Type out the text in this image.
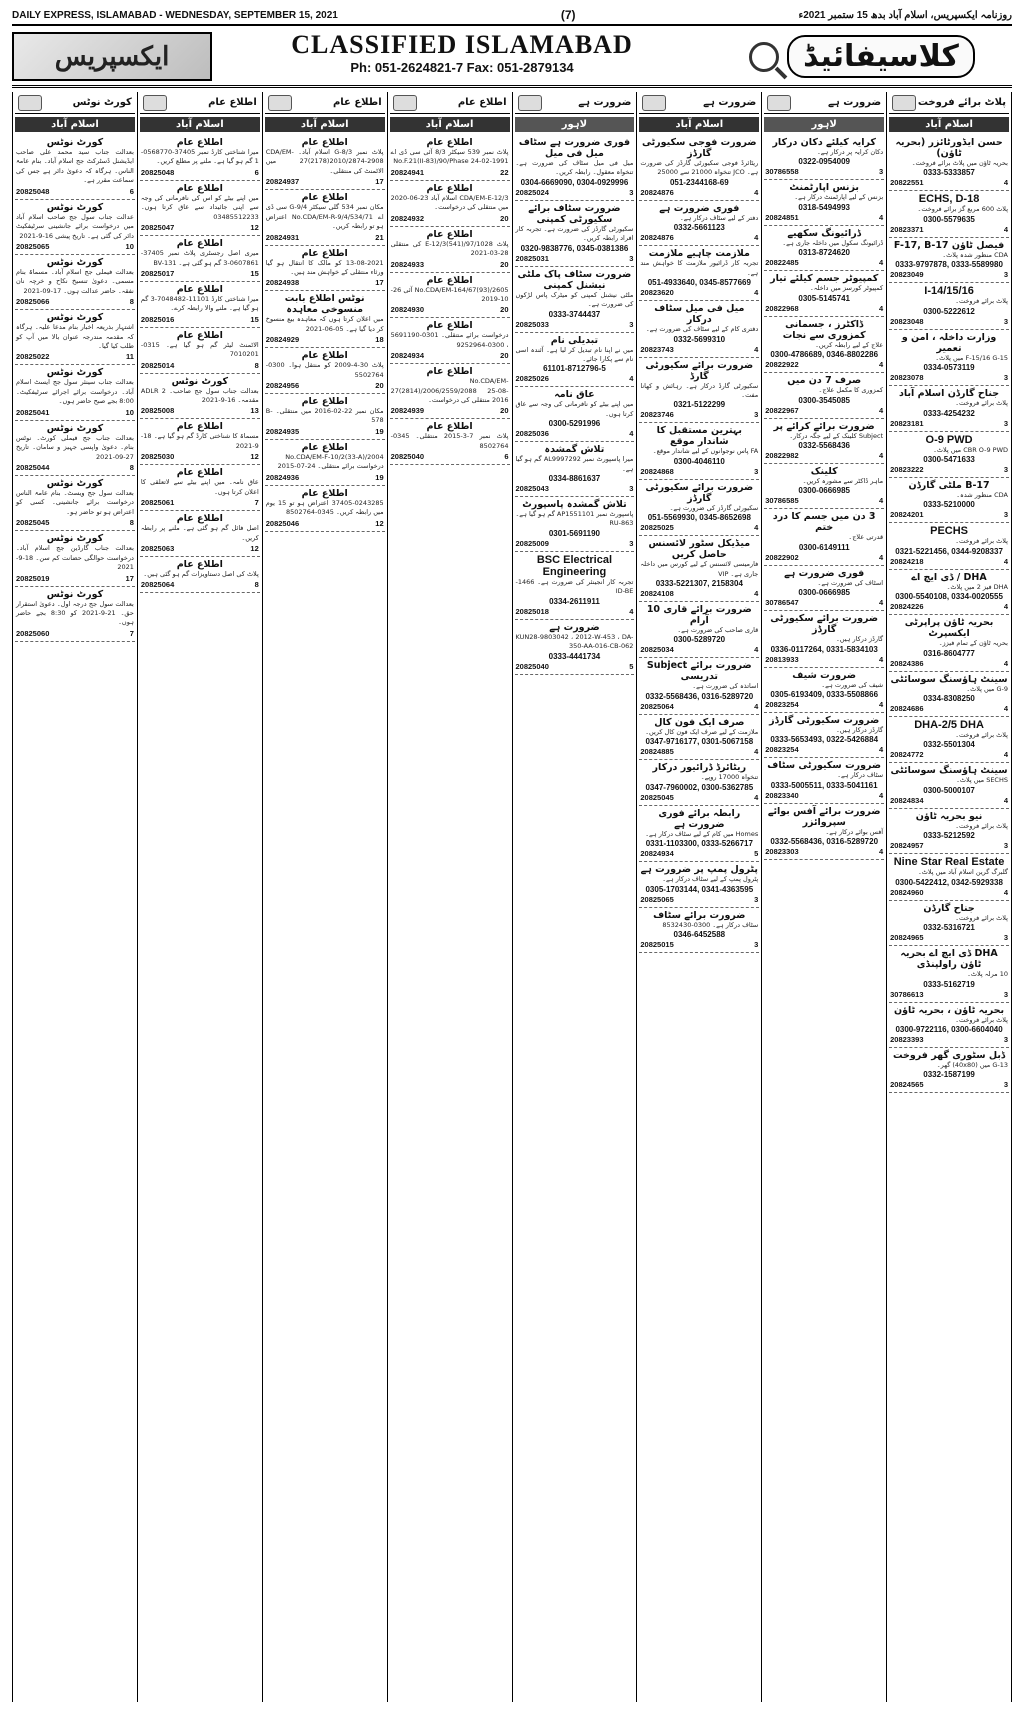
DAILY EXPRESS, ISLAMABAD - WEDNESDAY, SEPTEMBER 15, 2021	(7)	روزنامہ ایکسپریس، اسلام آباد بدھ 15 ستمبر 2021ء
ایکسپریس	CLASSIFIED ISLAMABAD
Ph: 051-2624821-7 Fax: 051-2879134	کلاسیفائیڈ
کورٹ نوٹس
اسلام آباد
کورٹ نوٹس
بعدالت جناب سید محمد علی صاحب ایڈیشنل ڈسٹرکٹ جج اسلام آباد۔ بنام عامۃ الناس۔ ہرگاہ کہ دعویٰ دائر ہے جس کی سماعت مقرر ہے۔
20825048	6
کورٹ نوٹس
عدالت جناب سول جج صاحب اسلام آباد میں درخواست برائے جانشینی سرٹیفکیٹ دائر کی گئی ہے۔ تاریخ پیشی 16-9-2021
20825065	10
کورٹ نوٹس
بعدالت فیملی جج اسلام آباد۔ مسماۃ بنام مسمی۔ دعویٰ تنسیخ نکاح و خرچہ نان نفقہ۔ حاضر عدالت ہوں۔ 17-09-2021
20825066	8
کورٹ نوٹس
اشتہار بذریعہ اخبار بنام مدعا علیہ۔ ہرگاہ کہ مقدمہ مندرجہ عنوان بالا میں آپ کو طلب کیا گیا۔
20825022	11
کورٹ نوٹس
بعدالت جناب سینئر سول جج ایسٹ اسلام آباد۔ درخواست برائے اجرائے سرٹیفکیٹ۔ 8:00 بجے صبح حاضر ہوں۔
20825041	10
کورٹ نوٹس
بعدالت جناب جج فیملی کورٹ۔ نوٹس بنام۔ دعویٰ واپسی جہیز و سامان۔ تاریخ 27-09-2021
20825044	8
کورٹ نوٹس
بعدالت سول جج ویسٹ۔ بنام عامۃ الناس درخواست برائے جانشینی۔ کسی کو اعتراض ہو تو حاضر ہو۔
20825045	8
کورٹ نوٹس
بعدالت جناب گارڈین جج اسلام آباد۔ درخواست حوالگی حضانت کم سن۔ 18-9-2021
20825019	17
کورٹ نوٹس
بعدالت سول جج درجہ اول۔ دعویٰ استقرار حق۔ 21-9-2021 کو 8:30 بجے حاضر ہوں۔
20825060	7
اطلاع عام
اسلام آباد
اطلاع عام
میرا شناختی کارڈ نمبر 37405-0568770-1 گم ہو گیا ہے۔ ملنے پر مطلع کریں۔
20825048	6
اطلاع عام
میں اپنے بیٹے کو اس کی نافرمانی کی وجہ سے اپنی جائیداد سے عاق کرتا ہوں۔ 03485512233
20825047	12
اطلاع عام
میری اصل رجسٹری پلاٹ نمبر 37405-0607861-3 گم ہو گئی ہے۔ BV-131
20825017	15
اطلاع عام
میرا شناختی کارڈ 11101-7048482-3 گم ہو گیا ہے۔ ملنے والا رابطہ کرے۔
20825016	15
اطلاع عام
الاٹمنٹ لیٹر گم ہو گیا ہے۔ 0315-7010201
20825014	8
کورٹ نوٹس
بعدالت جناب سول جج صاحب۔ ADLR 2 مقدمہ۔ 16-9-2021
20825008	13
اطلاع عام
مسماۃ کا شناختی کارڈ گم ہو گیا ہے۔ 18-9-2021
20825030	12
اطلاع عام
عاق نامہ۔ میں اپنے بیٹے سے لاتعلقی کا اعلان کرتا ہوں۔
20825061	7
اطلاع عام
اصل فائل گم ہو گئی ہے۔ ملنے پر رابطہ کریں۔
20825063	12
اطلاع عام
پلاٹ کی اصل دستاویزات گم ہو گئی ہیں۔
20825064	8
اطلاع عام
اسلام آباد
اطلاع عام
پلاٹ نمبر G-8/3 اسلام آباد۔ CDA/EM-27(2178)2010/2874-2908 میں الاٹمنٹ کی منتقلی۔
20824937	17
اطلاع عام
مکان نمبر 534 گلی سیکٹر G-9/4 سی ڈی اے No.CDA/EM-R-9/4/534/71 اعتراض ہو تو رابطہ کریں۔
20824931	21
اطلاع عام
13-08-2021 کو مالک کا انتقال ہو گیا ورثاء منتقلی کے خواہش مند ہیں۔
20824938	17
نوٹس اطلاع بابت منسوخی معاہدہ
میں اعلان کرتا ہوں کہ معاہدہ بیع منسوخ کر دیا گیا ہے۔ 05-06-2021
20824929	18
اطلاع عام
پلاٹ 30-4-2009 کو منتقل ہوا۔ 0300-5502764
20824956	20
اطلاع عام
مکان نمبر 22-02-2016 میں منتقلی۔ B-578
20824935	19
اطلاع عام
No.CDA/EM-F-10/2(33-A)/2004 درخواست برائے منتقلی۔ 24-07-2015
20824936	19
اطلاع عام
37405-0243285 اعتراض ہو تو 15 یوم میں رابطہ کریں۔ 0345-8502764
20825046	12
اطلاع عام
اسلام آباد
اطلاع عام
پلاٹ نمبر 539 سیکٹر 8/3 آئی سی ڈی اے No.F.21(II-83)/90/Phase 24-02-1991
20824941	22
اطلاع عام
CDA/EM-E-12/3 اسلام آباد 23-06-2020 میں منتقلی کی درخواست۔
20824932	20
اطلاع عام
پلاٹ E-12/3(541)/97/1028 کی منتقلی 28-03-2021
20824933	20
اطلاع عام
No.CDA/EM-164/67(93)/2605 آئی 26-10-2019
20824930	20
اطلاع عام
درخواست برائے منتقلی۔ 0301-5691190 ، 0300-9252964
20824934	20
اطلاع عام
No.CDA/EM-27(2814)/2006/2559/2088 25-08-2016 منتقلی کی درخواست۔
20824939	20
اطلاع عام
پلاٹ نمبر 7-3-2015 منتقلی۔ 0345-8502764
20825040	6
ضرورت ہے
لاہور
فوری ضرورت ہے سٹاف میل فی میل
میل فی میل سٹاف کی ضرورت ہے۔ تنخواہ معقول۔ رابطہ کریں۔
0304-6669090, 0304-0929996
20825024	3
ضرورت سٹاف برائے سکیورٹی کمپنی
سکیورٹی گارڈز کی ضرورت ہے۔ تجربہ کار افراد رابطہ کریں۔
0320-9838776, 0345-0381386
20825031	3
ضرورت سٹاف پاک ملٹی نیشنل کمپنی
ملٹی نیشنل کمپنی کو میٹرک پاس لڑکوں کی ضرورت ہے۔
0333-3744437
20825033	3
تبدیلی نام
میں نے اپنا نام تبدیل کر لیا ہے۔ آئندہ اسی نام سے پکارا جائے۔
61101-8712796-5
20825026	4
عاق نامہ
میں اپنے بیٹے کو نافرمانی کی وجہ سے عاق کرتا ہوں۔
0300-5291996
20825036	4
تلاش گمشدہ
میرا پاسپورٹ نمبر AL9997292 گم ہو گیا ہے۔
0334-8861637
20825043	3
تلاش گمشدہ پاسپورٹ
پاسپورٹ نمبر AP1551101 گم ہو گیا ہے۔ RU-863
0301-5691190
20825009	3
BSC Electrical Engineering
تجربہ کار انجینئر کی ضرورت ہے۔ 1466-ID-BE
0334-2611911
20825018	4
ضرورت ہے
KUN28-9803042 ، 2012-W-453 ، DA-350-AA-016-CB-062
0333-4441734
20825040	5
ضرورت ہے
اسلام آباد
ضرورت فوجی سکیورٹی گارڈز
ریٹائرڈ فوجی سکیورٹی گارڈز کی ضرورت ہے۔ JCO تنخواہ 21000 سے 25000
051-2344168-69
20824876	4
فوری ضرورت ہے
دفتر کے لیے سٹاف درکار ہے۔
0332-5661123
20824876	4
ملازمت چاہیے ملازمت
تجربہ کار ڈرائیور ملازمت کا خواہش مند ہے۔
051-4933640, 0345-8577669
20823620	4
میل فی میل سٹاف درکار
دفتری کام کے لیے سٹاف کی ضرورت ہے۔
0332-5699310
20823743	4
ضرورت برائے سکیورٹی گارڈ
سکیورٹی گارڈ درکار ہے۔ رہائش و کھانا مفت۔
0321-5122299
20823746	3
بہترین مستقبل کا شاندار موقع
FA پاس نوجوانوں کے لیے شاندار موقع۔
0300-4046110
20824868	3
ضرورت برائے سکیورٹی گارڈز
سکیورٹی گارڈز کی ضرورت ہے۔
051-5569930, 0345-8652698
20825025	4
میڈیکل سٹور لائسنس حاصل کریں
فارمیسی لائسنس کے لیے کورس میں داخلہ جاری ہے۔ VIP
0333-5221307, 2158304
20824108	4
ضرورت برائے قاری 10 آرام
قاری صاحب کی ضرورت ہے۔
0300-5289720
20825034	4
ضرورت برائے Subject تدریسی
اساتذہ کی ضرورت ہے۔
0332-5568436, 0316-5289720
20825064	4
صرف ایک فون کال
ملازمت کے لیے صرف ایک فون کال کریں۔
0347-9716177, 0301-5067158
20824885	4
ریٹائرڈ ڈرائیور درکار
تنخواہ 17000 روپے۔
0347-7960002, 0300-5362785
20825045	4
رابطہ برائے فوری ضرورت ہے
Homes میں کام کے لیے سٹاف درکار ہے۔
0331-1103300, 0333-5266717
20824934	5
پٹرول پمپ پر ضرورت ہے
پٹرول پمپ کے لیے سٹاف درکار ہے۔
0305-1703144, 0341-4363595
20825065	3
ضرورت برائے سٹاف
سٹاف درکار ہے۔ 0300-8532430
0346-6452588
20825015	3
ضرورت ہے
لاہور
کرایہ کیلئے دکان درکار
دکان کرایہ پر درکار ہے۔
0322-0954009
30786558	3
بزنس اپارٹمنٹ
بزنس کے لیے اپارٹمنٹ درکار ہے۔
0318-5494993
20824851	4
ڈرائیونگ سکھیے
ڈرائیونگ سکول میں داخلہ جاری ہے۔
0313-8724620
20822485	4
کمپیوٹر جسم کیلئے تیار
کمپیوٹر کورسز میں داخلہ۔
0305-5145741
20822968	4
ڈاکٹرز ، جسمانی کمزوری سے نجات
علاج کے لیے رابطہ کریں۔
0300-4786689, 0346-8802286
20822922	4
صرف 7 دن میں
کمزوری کا مکمل علاج۔
0300-3545085
20822967	4
ضرورت برائے کرائے پر
Subject کلینک کے لیے جگہ درکار۔
0332-5568436
20822982	4
کلینک
ماہر ڈاکٹر سے مشورہ کریں۔
0300-0666985
30786585	4
3 دن میں جسم کا درد ختم
قدرتی علاج۔
0300-6149111
20822902	4
فوری ضرورت ہے
اسٹاف کی ضرورت ہے۔
0300-0666985
30786547	4
ضرورت برائے سکیورٹی گارڈز
گارڈز درکار ہیں۔
0336-0117264, 0331-5834103
20813933	4
ضرورت شیف
شیف کی ضرورت ہے۔
0305-6193409, 0333-5508866
20823254	4
ضرورت سکیورٹی گارڈز
گارڈز درکار ہیں۔
0333-5653493, 0322-5426884
20823254	4
ضرورت سکیورٹی سٹاف
سٹاف درکار ہے۔
0333-5005511, 0333-5041161
20823340	4
ضرورت برائے آفس بوائے سپروائزر
آفس بوائے درکار ہے۔
0332-5568436, 0316-5289720
20823303	4
پلاٹ برائے فروخت
اسلام آباد
حسن ایڈورٹائزر (بحریہ ٹاؤن)
بحریہ ٹاؤن میں پلاٹ برائے فروخت۔
0333-5333857
20822551	4
ECHS, D-18
پلاٹ 600 مربع گز برائے فروخت۔
0300-5579635
20823371	4
فیصل ٹاؤن F-17, B-17
CDA منظور شدہ پلاٹ۔
0333-9797878, 0333-5589980
20823049	3
I-14/15/16
پلاٹ برائے فروخت۔
0300-5222612
20823048	3
وزارت داخلہ ، امن و تعمیر
F-15/16 G-15 میں پلاٹ۔
0334-0573119
20823078	3
جناح گارڈن اسلام آباد
پلاٹ برائے فروخت۔
0333-4254232
20823181	3
O-9 PWD
CBR O-9 PWD میں پلاٹ۔
0300-5471633
20823222	3
B-17 ملٹی گارڈن
CDA منظور شدہ۔
0333-5210000
20824201	3
PECHS
پلاٹ برائے فروخت۔
0321-5221456, 0344-9208337
20824218	4
DHA / ڈی ایچ اے
DHA فیز 2 میں پلاٹ۔
0300-5540108, 0334-0020555
20824226	4
بحریہ ٹاؤن پراپرٹی ایکسپرٹ
بحریہ ٹاؤن کے تمام فیزز۔
0316-8604777
20824386	4
سینٹ ہاؤسنگ سوسائٹی
G-9 میں پلاٹ۔
0334-8308250
20824686	4
DHA-2/5 DHA
پلاٹ برائے فروخت۔
0332-5501304
20824772	4
سینٹ ہاؤسنگ سوسائٹی
SECHS میں پلاٹ۔
0300-5000107
20824834	4
نیو بحریہ ٹاؤن
پلاٹ برائے فروخت۔
0333-5212592
20824957	3
Nine Star Real Estate
گلبرگ گرین اسلام آباد میں پلاٹ۔
0300-5422412, 0342-5929338
20824960	4
جناح گارڈن
پلاٹ برائے فروخت۔
0332-5316721
20824965	3
DHA ڈی ایچ اے بحریہ ٹاؤن راولپنڈی
10 مرلہ پلاٹ۔
0333-5162719
30786613	3
بحریہ ٹاؤن ، بحریہ ٹاؤن
پلاٹ برائے فروخت۔
0300-9722116, 0300-6604040
20823393	3
ڈبل سٹوری گھر فروخت
G-13 میں (40x80) گھر۔
0332-1587199
20824565	3
